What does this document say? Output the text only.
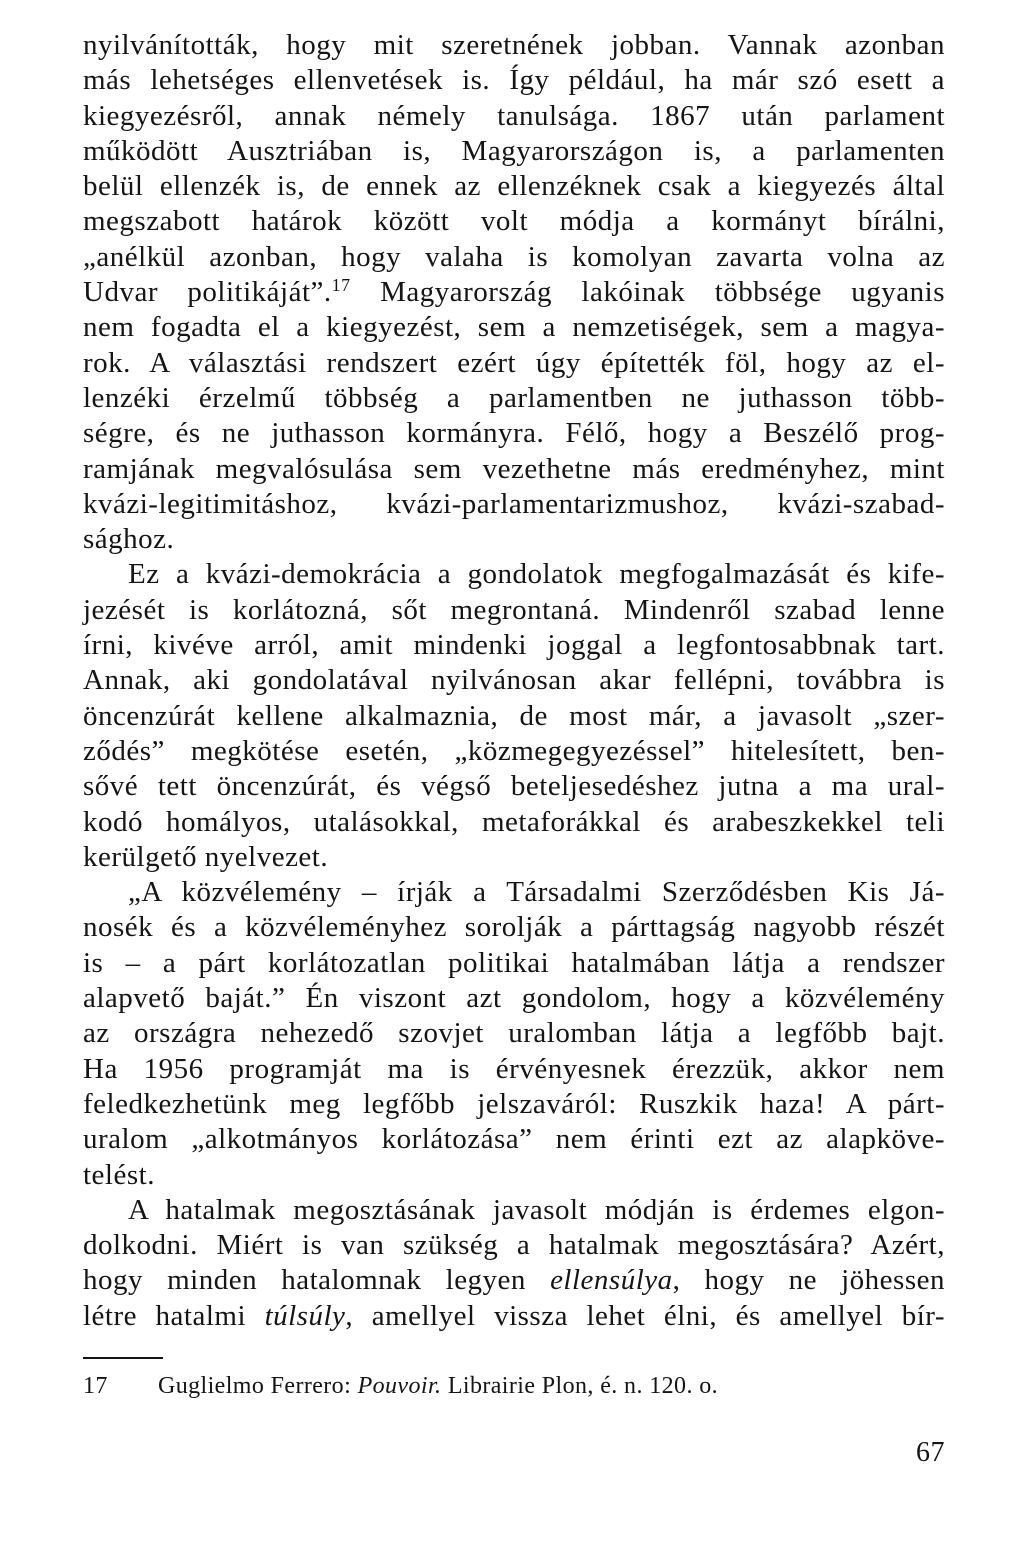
nyilvánították, hogy mit szeretnének jobban. Vannak azonban
más lehetséges ellenvetések is. Így például, ha már szó esett a
kiegyezésről, annak némely tanulsága. 1867 után parlament
működött Ausztriában is, Magyarországon is, a parlamenten
belül ellenzék is, de ennek az ellenzéknek csak a kiegyezés által
megszabott határok között volt módja a kormányt bírálni,
„anélkül azonban, hogy valaha is komolyan zavarta volna az
Udvar politikáját”.$^{17}$ Magyarország lakóinak többsége ugyanis
nem fogadta el a kiegyezést, sem a nemzetiségek, sem a magya-
rok. A választási rendszert ezért úgy építették föl, hogy az el-
lenzéki érzelmű többség a parlamentben ne juthasson több-
ségre, és ne juthasson kormányra. Félő, hogy a Beszélő prog-
ramjának megvalósulása sem vezethetne más eredményhez, mint
kvázi-legitimitáshoz, kvázi-parlamentarizmushoz, kvázi-szabad-
sághoz.
Ez a kvázi-demokrácia a gondolatok megfogalmazását és kife-
jezését is korlátozná, sőt megrontaná. Mindenről szabad lenne
írni, kivéve arról, amit mindenki joggal a legfontosabbnak tart.
Annak, aki gondolatával nyilvánosan akar fellépni, továbbra is
öncenzúrát kellene alkalmaznia, de most már, a javasolt „szer-
ződés” megkötése esetén, „közmegegyezéssel” hitelesített, ben-
sővé tett öncenzúrát, és végső beteljesedéshez jutna a ma ural-
kodó homályos, utalásokkal, metaforákkal és arabeszkekkel teli
kerülgető nyelvezet.
„A közvélemény – írják a Társadalmi Szerződésben Kis Já-
nosék és a közvéleményhez sorolják a párttagság nagyobb részét
is – a párt korlátozatlan politikai hatalmában látja a rendszer
alapvető baját.” Én viszont azt gondolom, hogy a közvélemény
az országra nehezedő szovjet uralomban látja a legfőbb bajt.
Ha 1956 programját ma is érvényesnek érezzük, akkor nem
feledkezhetünk meg legfőbb jelszaváról: Ruszkik haza! A párt-
uralom „alkotmányos korlátozása” nem érinti ezt az alapköve-
telést.
A hatalmak megosztásának javasolt módján is érdemes elgon-
dolkodni. Miért is van szükség a hatalmak megosztására? Azért,
hogy minden hatalomnak legyen ellensúlya, hogy ne jöhessen
létre hatalmi túlsúly, amellyel vissza lehet élni, és amellyel bír-
17 Guglielmo Ferrero: Pouvoir. Librairie Plon, é. n. 120. o.
67
